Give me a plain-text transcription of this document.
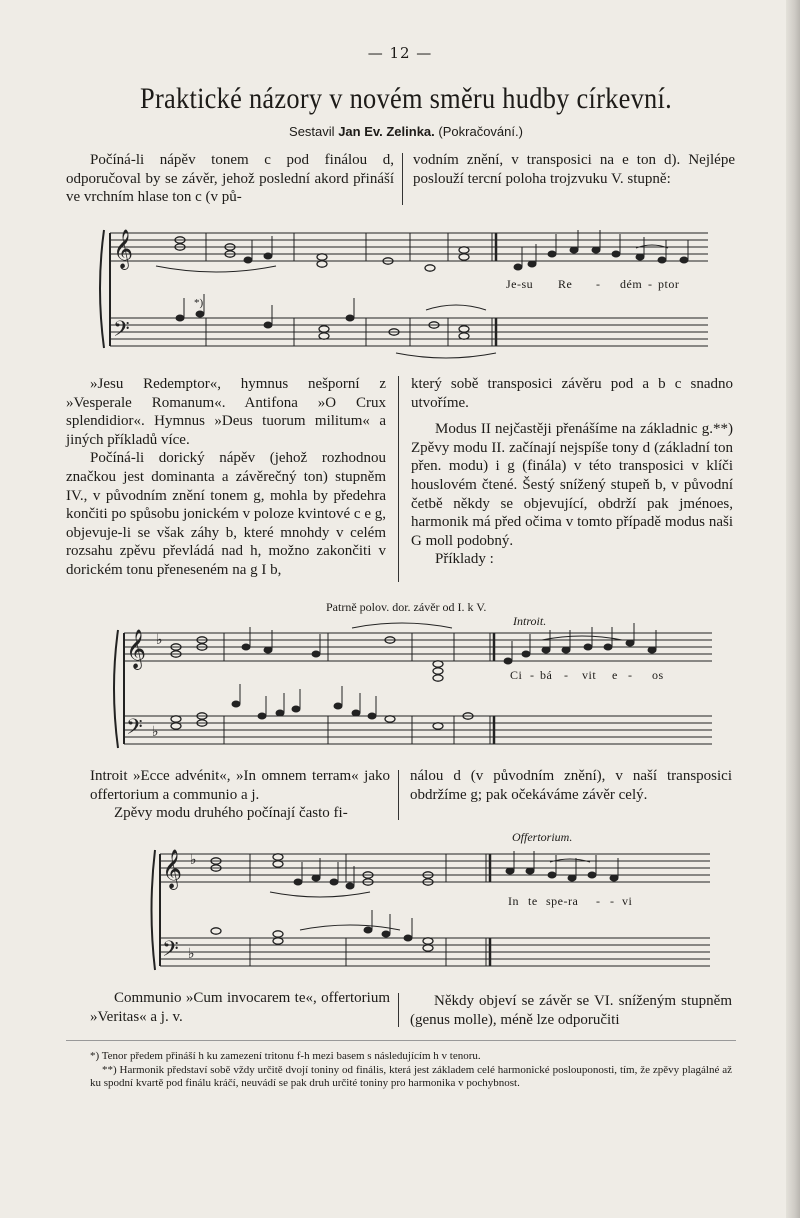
— 12 —
Praktické názory v novém směru hudby církevní.
Sestavil Jan Ev. Zelinka. (Pokračování.)

Počíná-li nápěv tonem c pod finálou d, odporučoval by se závěr, jehož poslední akord přináší ve vrchním hlase ton c (v pů-

vodním znění, v transposici na e ton d). Nejlépe poslouží tercní poloha trojzvuku V. stupně:

𝄞
𝄢
*)
Je-su Re - dém - ptor

»Jesu Redemptor«, hymnus nešporní z »Vesperale Romanum«. Antifona »O Crux splendidior«. Hymnus »Deus tuorum militum« a jiných příkladů více.

Počíná-li dorický nápěv (jehož rozhodnou značkou jest dominanta a závěrečný ton) stupněm IV., v původním znění tonem g, mohla by předehra končiti po spůsobu jonickém v poloze kvintové c e g, objevuje-li se však záhy b, které mnohdy v celém rozsahu zpěvu převládá nad h, možno zakončiti v dorickém tonu přeneseném na g I b,

který sobě transposici závěru pod a b c snadno utvoříme.

Modus II nejčastěji přenášíme na základnic g.**) Zpěvy modu II. začínají nejspíše tony d (základní ton přen. modu) i g (finála) v této transposici v klíči houslovém čtené. Šestý snížený stupeň b, v původní četbě někdy se objevující, obdrží pak jménoes, harmonik má před očima v tomto případě modus naši G moll podobný.

Příklady :

Patrně polov. dor. závěr od I. k V.
Introit.
𝄞 ♭
𝄢 ♭
Ci - bá - vit e - os

Introit »Ecce advénit«, »In omnem terram« jako offertorium a communio a j.

Zpěvy modu druhého počínají často fi-

nálou d (v původním znění), v naší transposici obdržíme g; pak očekáváme závěr celý.

Offertorium.
𝄞 ♭
𝄢 ♭
In te spe-ra - - vi

Communio »Cum invocarem te«, offertorium »Veritas« a j. v.

Někdy objeví se závěr se VI. sníženým stupněm (genus molle), méně lze odporučiti

*) Tenor předem přináší h ku zamezení tritonu f-h mezi basem s následujícím h v tenoru.

**) Harmonik představí sobě vždy určitě dvojí toniny od finális, která jest základem celé harmonické poslouponosti, tím, že zpěvy plagálné až ku spodní kvartě pod finálu kráčí, neuvádí se pak druh určité toniny pro harmonika v pochybnost.
